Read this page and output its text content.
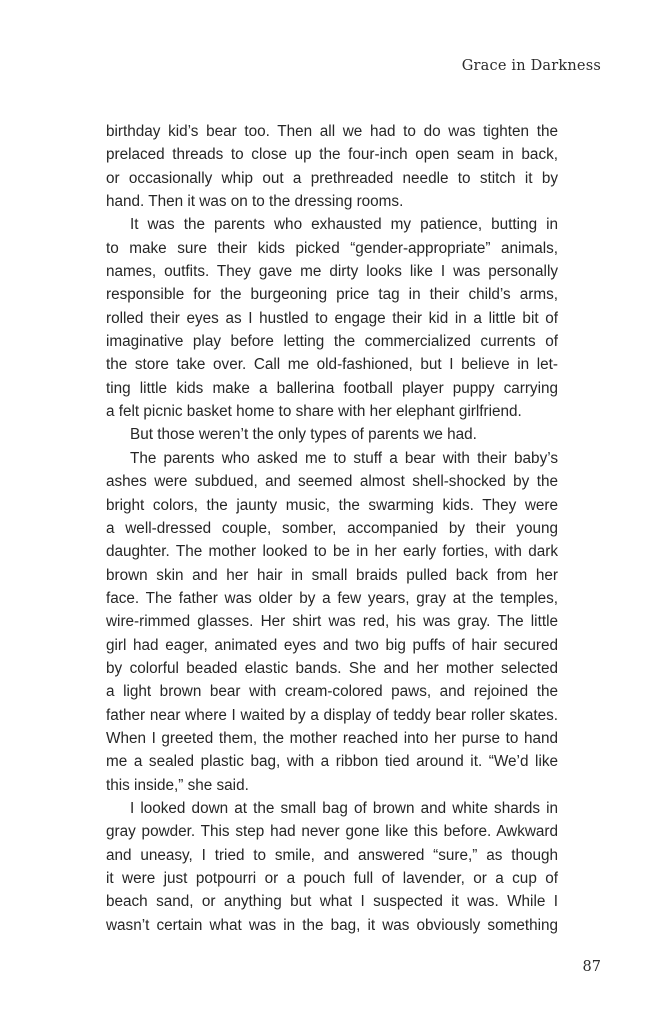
Grace in Darkness
birthday kid’s bear too. Then all we had to do was tighten the
prelaced threads to close up the four-inch open seam in back,
or occasionally whip out a prethreaded needle to stitch it by
hand. Then it was on to the dressing rooms.
It was the parents who exhausted my patience, butting in
to make sure their kids picked “gender-appropriate” animals,
names, outfits. They gave me dirty looks like I was personally
responsible for the burgeoning price tag in their child’s arms,
rolled their eyes as I hustled to engage their kid in a little bit of
imaginative play before letting the commercialized currents of
the store take over. Call me old-fashioned, but I believe in let-
ting little kids make a ballerina football player puppy carrying
a felt picnic basket home to share with her elephant girlfriend.
But those weren’t the only types of parents we had.
The parents who asked me to stuff a bear with their baby’s
ashes were subdued, and seemed almost shell-shocked by the
bright colors, the jaunty music, the swarming kids. They were
a well-dressed couple, somber, accompanied by their young
daughter. The mother looked to be in her early forties, with dark
brown skin and her hair in small braids pulled back from her
face. The father was older by a few years, gray at the temples,
wire-rimmed glasses. Her shirt was red, his was gray. The little
girl had eager, animated eyes and two big puffs of hair secured
by colorful beaded elastic bands. She and her mother selected
a light brown bear with cream-colored paws, and rejoined the
father near where I waited by a display of teddy bear roller skates.
When I greeted them, the mother reached into her purse to hand
me a sealed plastic bag, with a ribbon tied around it. “We’d like
this inside,” she said.
I looked down at the small bag of brown and white shards in
gray powder. This step had never gone like this before. Awkward
and uneasy, I tried to smile, and answered “sure,” as though
it were just potpourri or a pouch full of lavender, or a cup of
beach sand, or anything but what I suspected it was. While I
wasn’t certain what was in the bag, it was obviously something
87
